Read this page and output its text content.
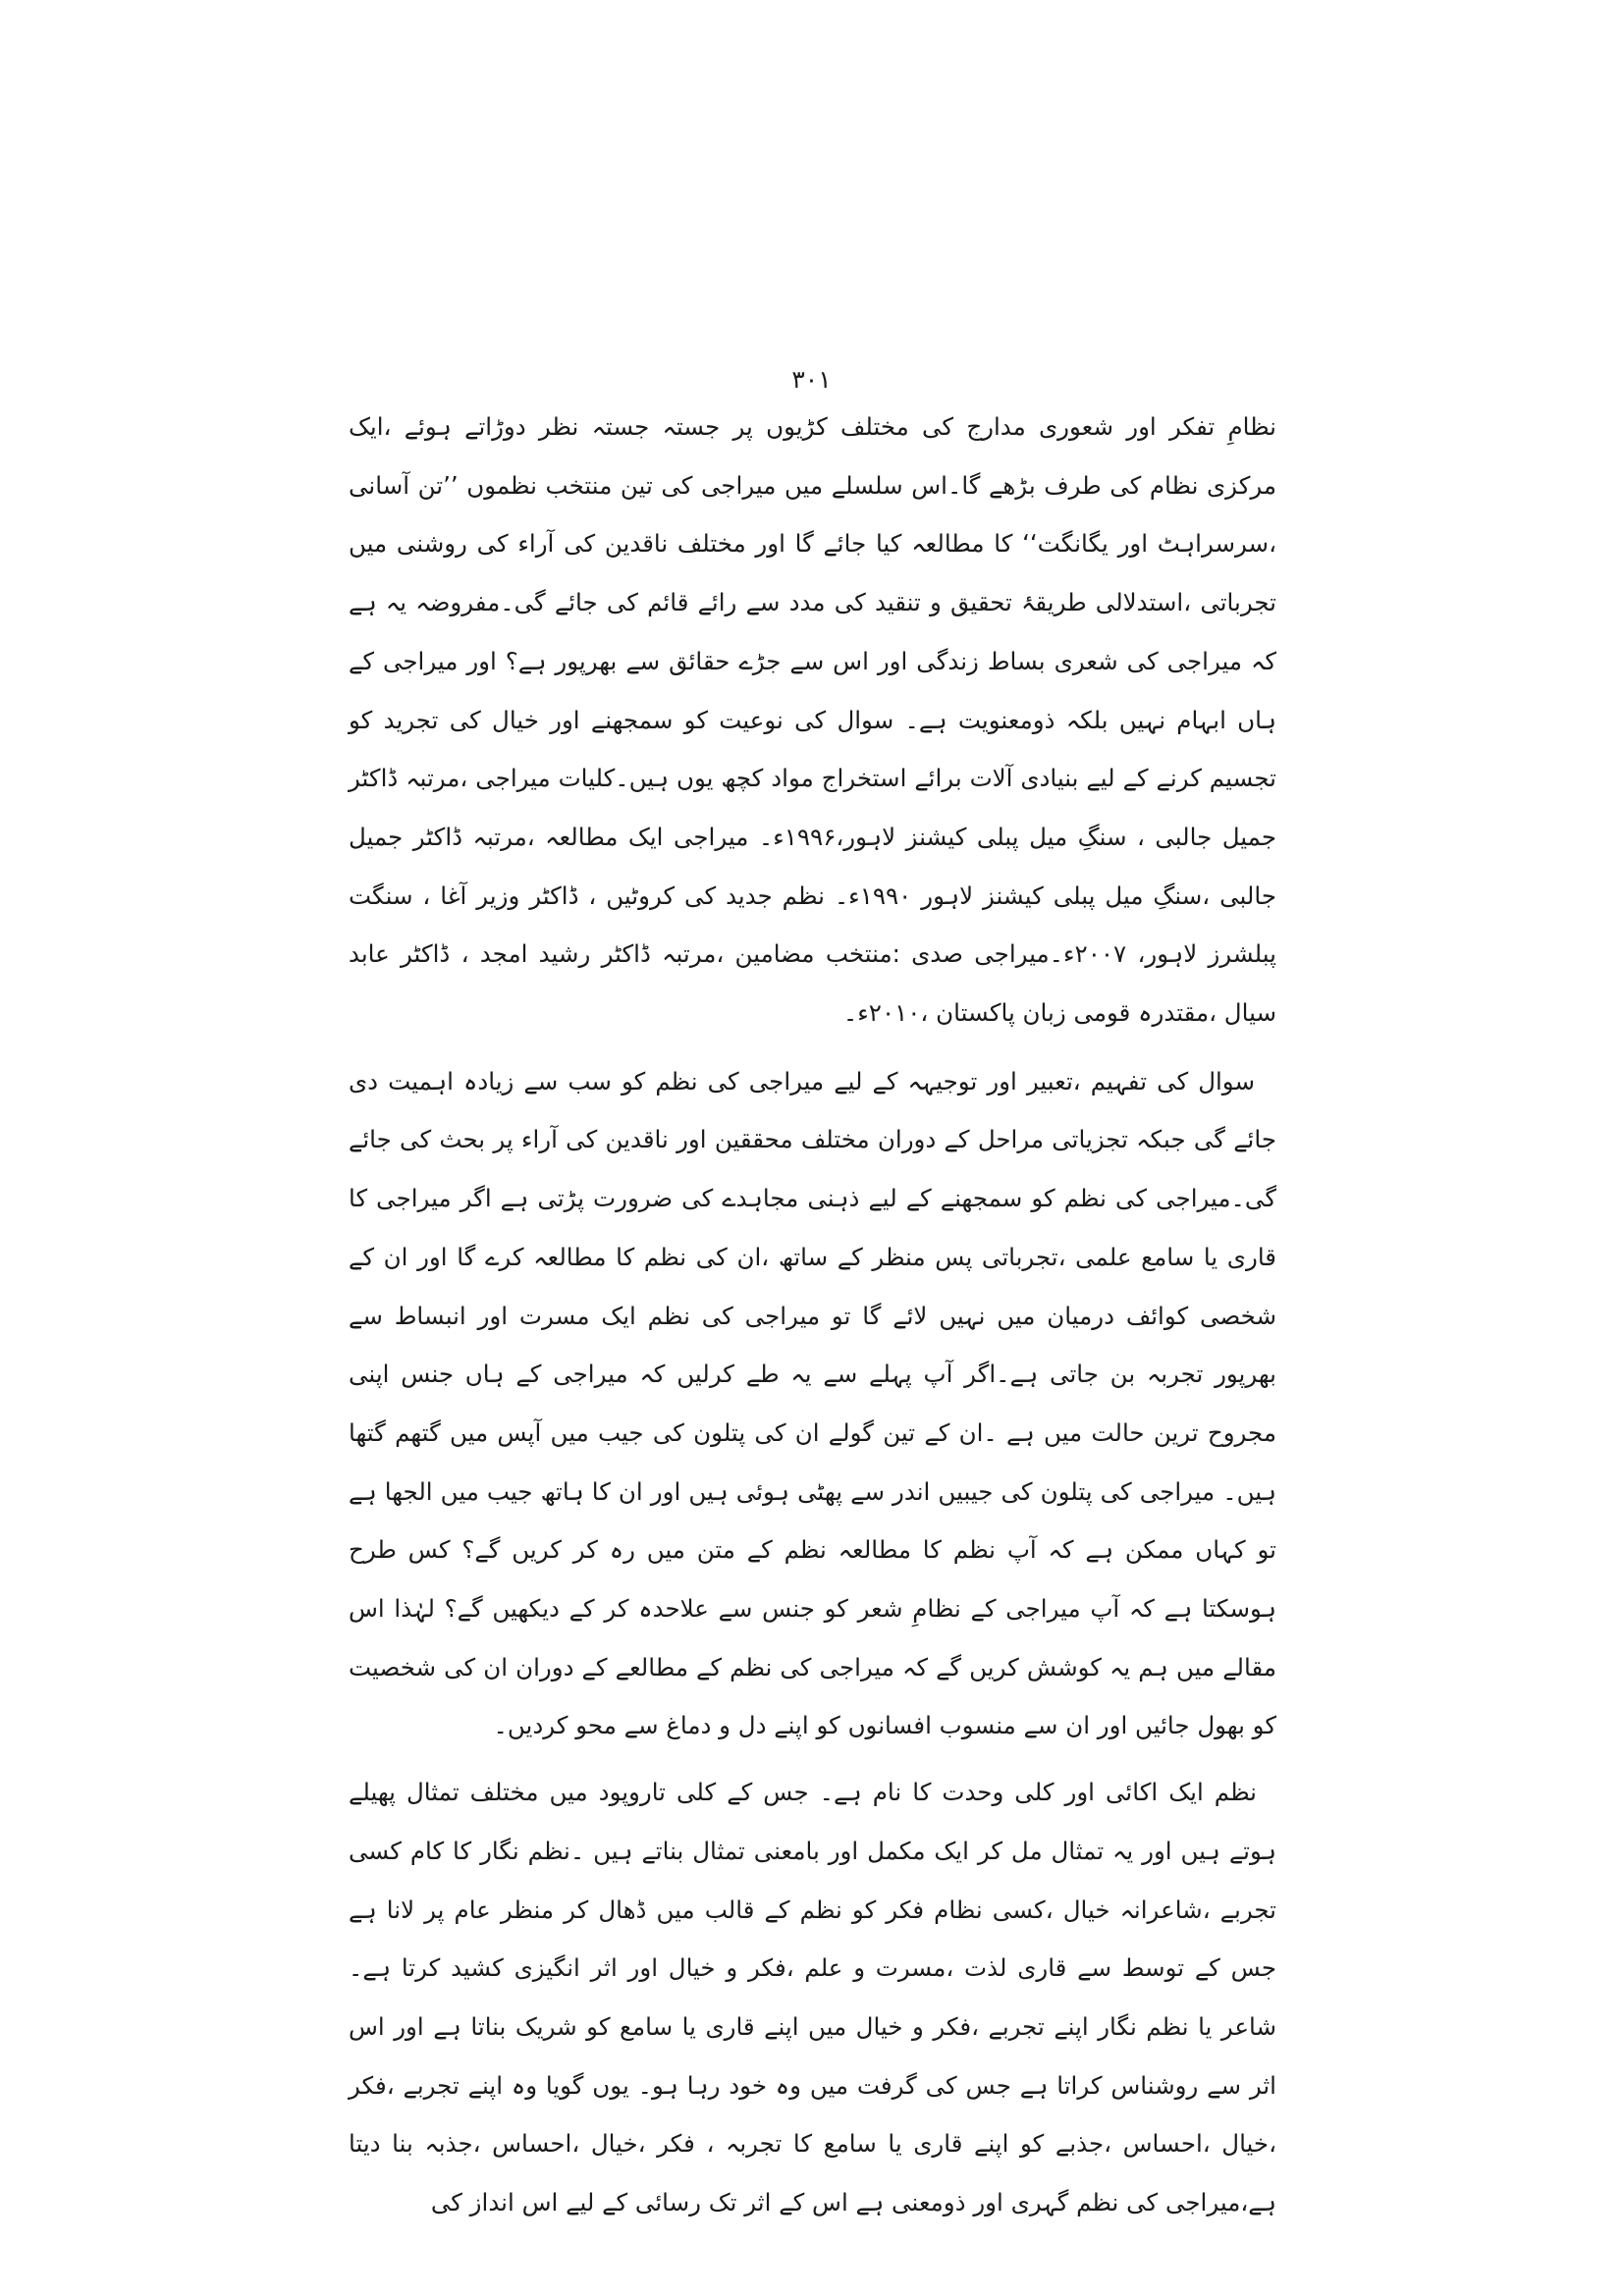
۳۰۱

نظامِ تفکر اور شعوری مدارج کی مختلف کڑیوں پر جستہ جستہ نظر دوڑاتے ہوئے ،ایک مرکزی نظام کی طرف بڑھے گا۔اس سلسلے میں میراجی کی تین منتخب نظموں ’’تن آسانی ،سرسراہٹ اور یگانگت‘‘ کا مطالعہ کیا جائے گا اور مختلف ناقدین کی آراء کی روشنی میں تجرباتی ،استدلالی طریقۂ تحقیق و تنقید کی مدد سے رائے قائم کی جائے گی۔مفروضہ یہ ہے کہ میراجی کی شعری بساط زندگی اور اس سے جڑے حقائق سے بھرپور ہے؟ اور میراجی کے ہاں ابہام نہیں بلکہ ذومعنویت ہے۔ سوال کی نوعیت کو سمجھنے اور خیال کی تجرید کو تجسیم کرنے کے لیے بنیادی آلات برائے استخراج مواد کچھ یوں ہیں۔کلیات میراجی ،مرتبہ ڈاکٹر جمیل جالبی ، سنگِ میل پبلی کیشنز لاہور،۱۹۹۶ء۔ میراجی ایک مطالعہ ،مرتبہ ڈاکٹر جمیل جالبی ،سنگِ میل پبلی کیشنز لاہور ۱۹۹۰ء۔ نظم جدید کی کروٹیں ، ڈاکٹر وزیر آغا ، سنگت پبلشرز لاہور، ۲۰۰۷ء۔میراجی صدی :منتخب مضامین ،مرتبہ ڈاکٹر رشید امجد ، ڈاکٹر عابد سیال ،مقتدرہ قومی زبان پاکستان ،۲۰۱۰ء۔

سوال کی تفہیم ،تعبیر اور توجیہہ کے لیے میراجی کی نظم کو سب سے زیادہ اہمیت دی جائے گی جبکہ تجزیاتی مراحل کے دوران مختلف محققین اور ناقدین کی آراء پر بحث کی جائے گی۔میراجی کی نظم کو سمجھنے کے لیے ذہنی مجاہدے کی ضرورت پڑتی ہے اگر میراجی کا قاری یا سامع علمی ،تجرباتی پس منظر کے ساتھ ،ان کی نظم کا مطالعہ کرے گا اور ان کے شخصی کوائف درمیان میں نہیں لائے گا تو میراجی کی نظم ایک مسرت اور انبساط سے بھرپور تجربہ بن جاتی ہے۔اگر آپ پہلے سے یہ طے کرلیں کہ میراجی کے ہاں جنس اپنی مجروح ترین حالت میں ہے ۔ان کے تین گولے ان کی پتلون کی جیب میں آپس میں گتھم گتھا ہیں۔ میراجی کی پتلون کی جیبیں اندر سے پھٹی ہوئی ہیں اور ان کا ہاتھ جیب میں الجھا ہے تو کہاں ممکن ہے کہ آپ نظم کا مطالعہ نظم کے متن میں رہ کر کریں گے؟ کس طرح ہوسکتا ہے کہ آپ میراجی کے نظامِ شعر کو جنس سے علاحدہ کر کے دیکھیں گے؟ لہٰذا اس مقالے میں ہم یہ کوشش کریں گے کہ میراجی کی نظم کے مطالعے کے دوران ان کی شخصیت کو بھول جائیں اور ان سے منسوب افسانوں کو اپنے دل و دماغ سے محو کردیں۔

نظم ایک اکائی اور کلی وحدت کا نام ہے۔ جس کے کلی تاروپود میں مختلف تمثال پھیلے ہوتے ہیں اور یہ تمثال مل کر ایک مکمل اور بامعنی تمثال بناتے ہیں ۔نظم نگار کا کام کسی تجربے ،شاعرانہ خیال ،کسی نظام فکر کو نظم کے قالب میں ڈھال کر منظر عام پر لانا ہے جس کے توسط سے قاری لذت ،مسرت و علم ،فکر و خیال اور اثر انگیزی کشید کرتا ہے۔ شاعر یا نظم نگار اپنے تجربے ،فکر و خیال میں اپنے قاری یا سامع کو شریک بناتا ہے اور اس اثر سے روشناس کراتا ہے جس کی گرفت میں وہ خود رہا ہو۔ یوں گویا وہ اپنے تجربے ،فکر ،خیال ،احساس ،جذبے کو اپنے قاری یا سامع کا تجربہ ، فکر ،خیال ،احساس ،جذبہ بنا دیتا ہے،میراجی کی نظم گہری اور ذومعنی ہے اس کے اثر تک رسائی کے لیے اس انداز کی
